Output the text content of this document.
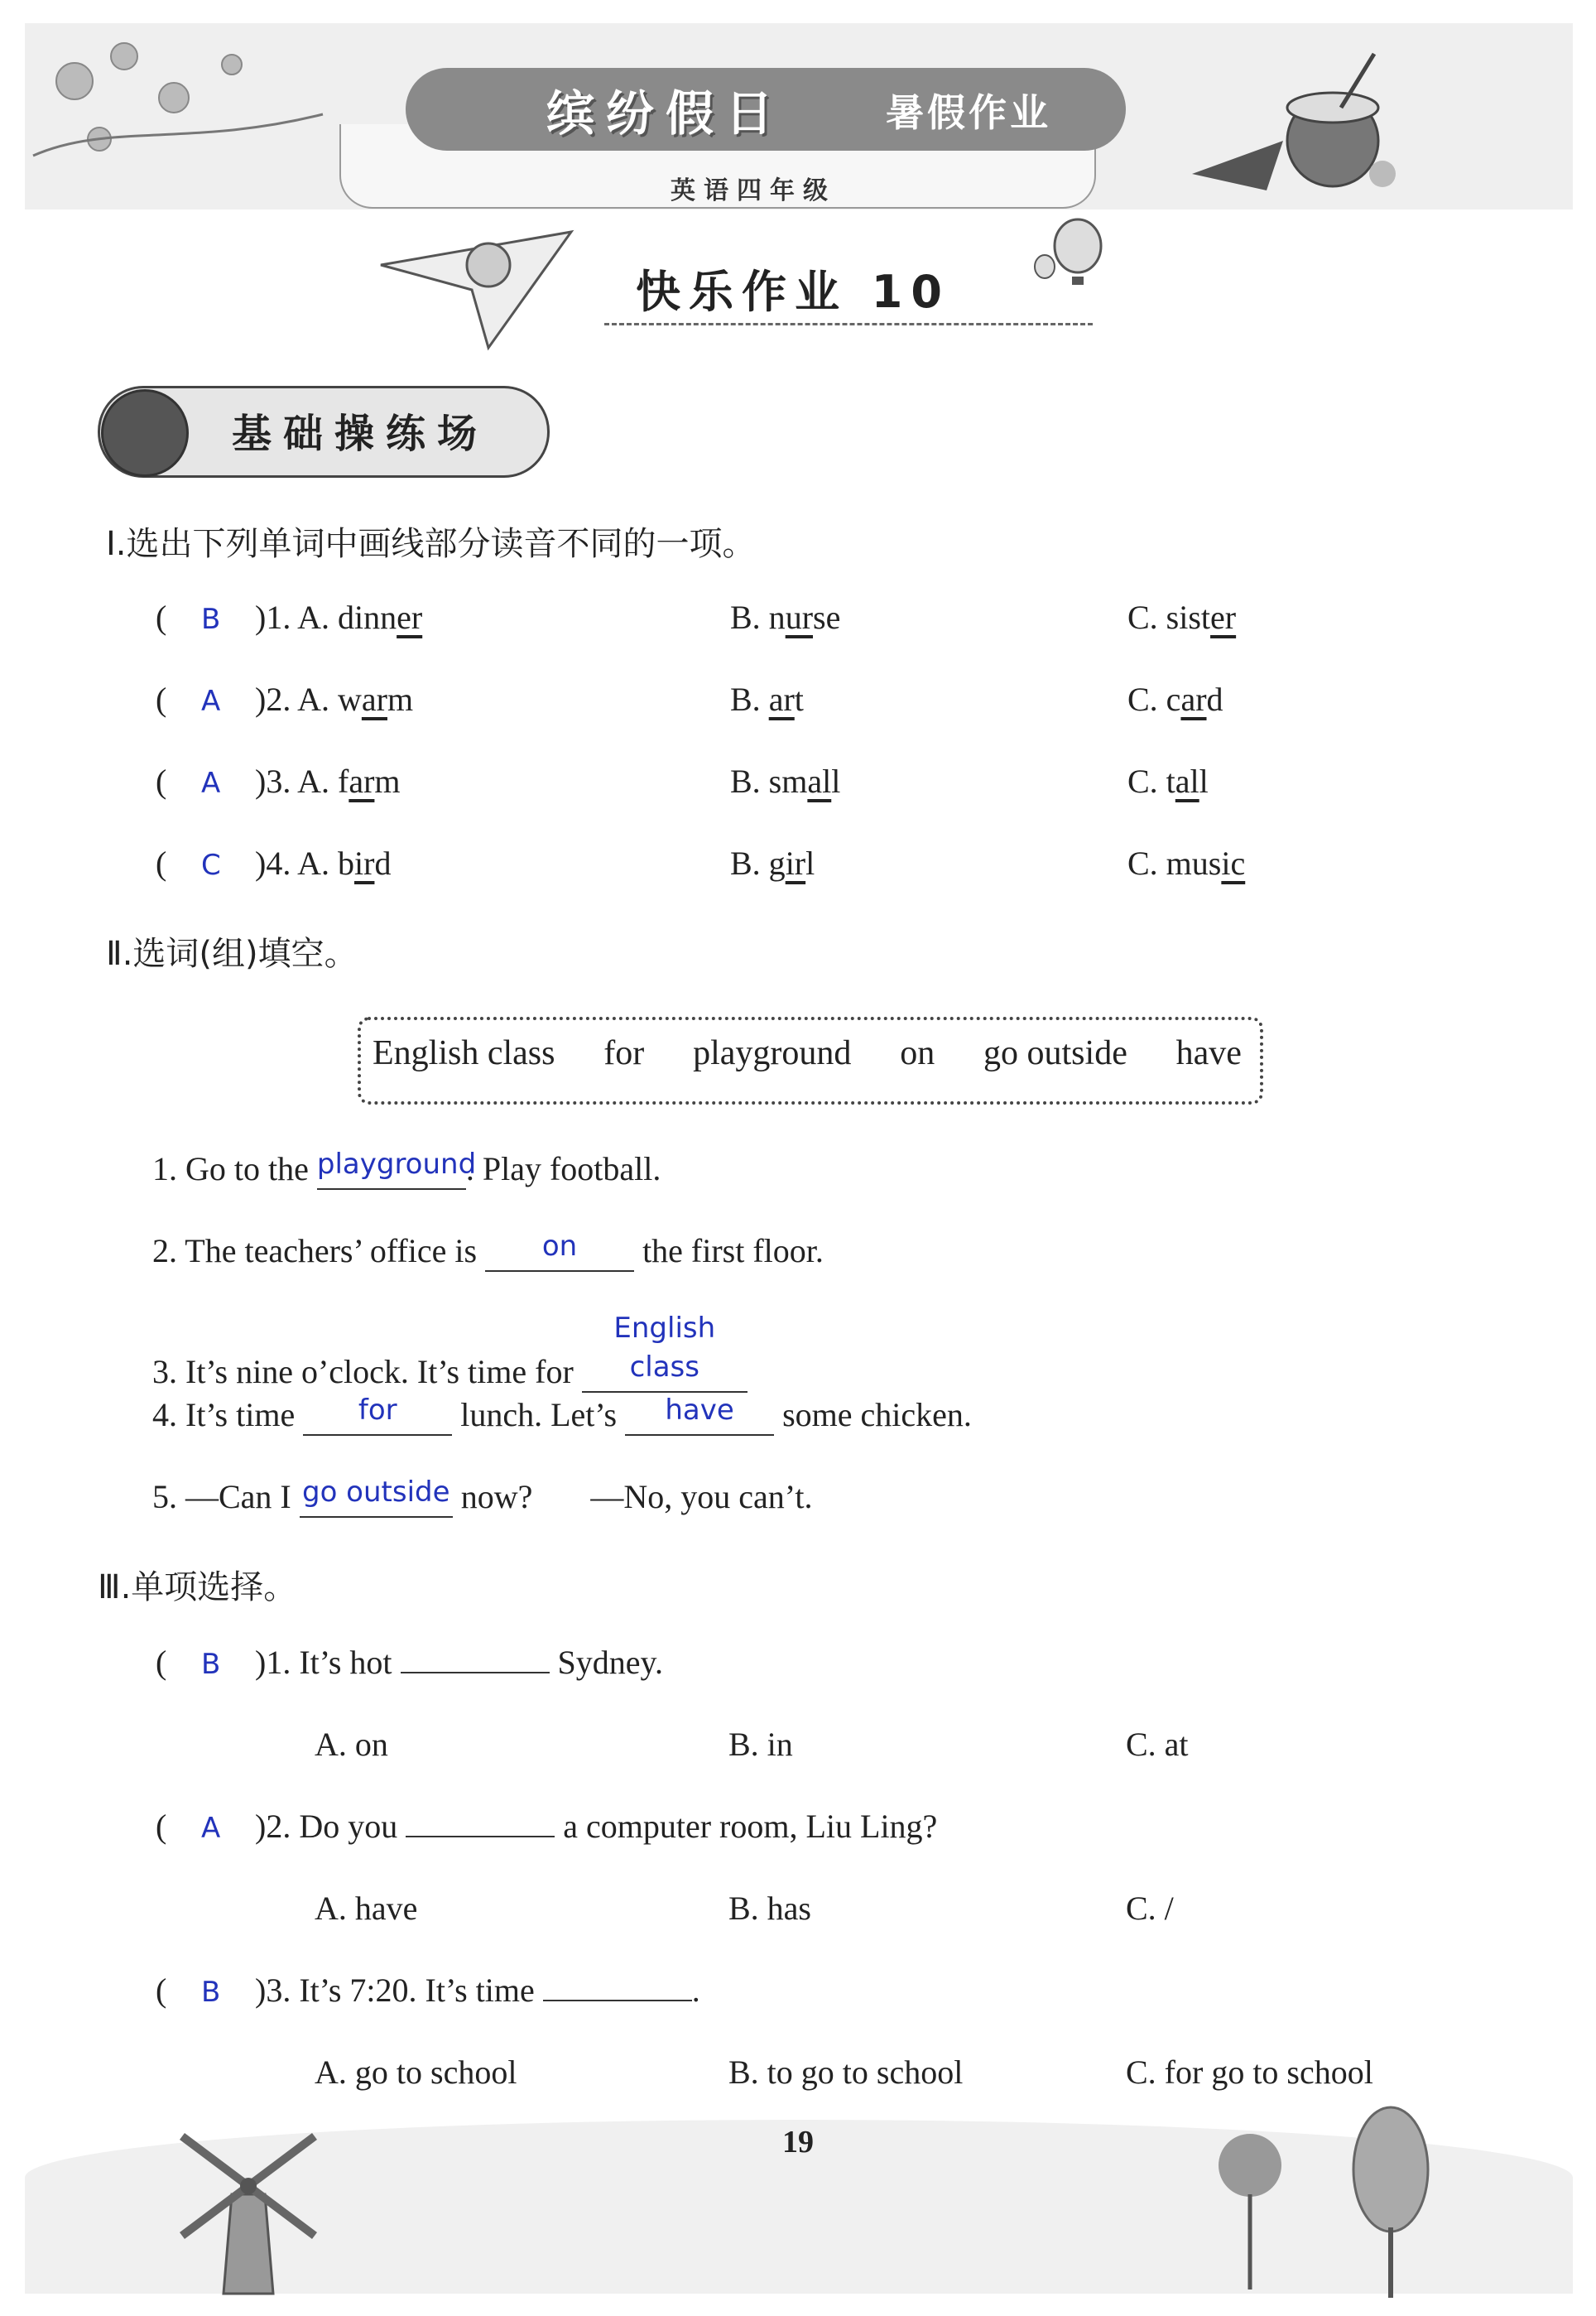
缤纷假日	暑假作业
英语四年级
快乐作业 10
基础操练场
Ⅰ.选出下列单词中画线部分读音不同的一项。
( B )1. A. dinner	B. nurse	C. sister
( A )2. A. warm	B. art	C. card
( A )3. A. farm	B. small	C. tall
( C )4. A. bird	B. girl	C. music
Ⅱ.选词(组)填空。
English class for playground on go outside have
1. Go to the $^{playground}$. Play football.
2. The teachers’ office is $^{on}$ the first floor.
3. It’s nine o’clock. It’s time for $^{English class}$
4. It’s time $^{for}$ lunch. Let’s $^{have}$ some chicken.
5. —Can I $^{go outside}$ now? —No, you can’t.
Ⅲ.单项选择。
( B )1. It’s hot	Sydney.
A. on	B. in	C. at
( A )2. Do you	a computer room, Liu Ling?
A. have	B. has	C. /
( B )3. It’s 7:20. It’s time	.
A. go to school	B. to go to school	C. for go to school
19
